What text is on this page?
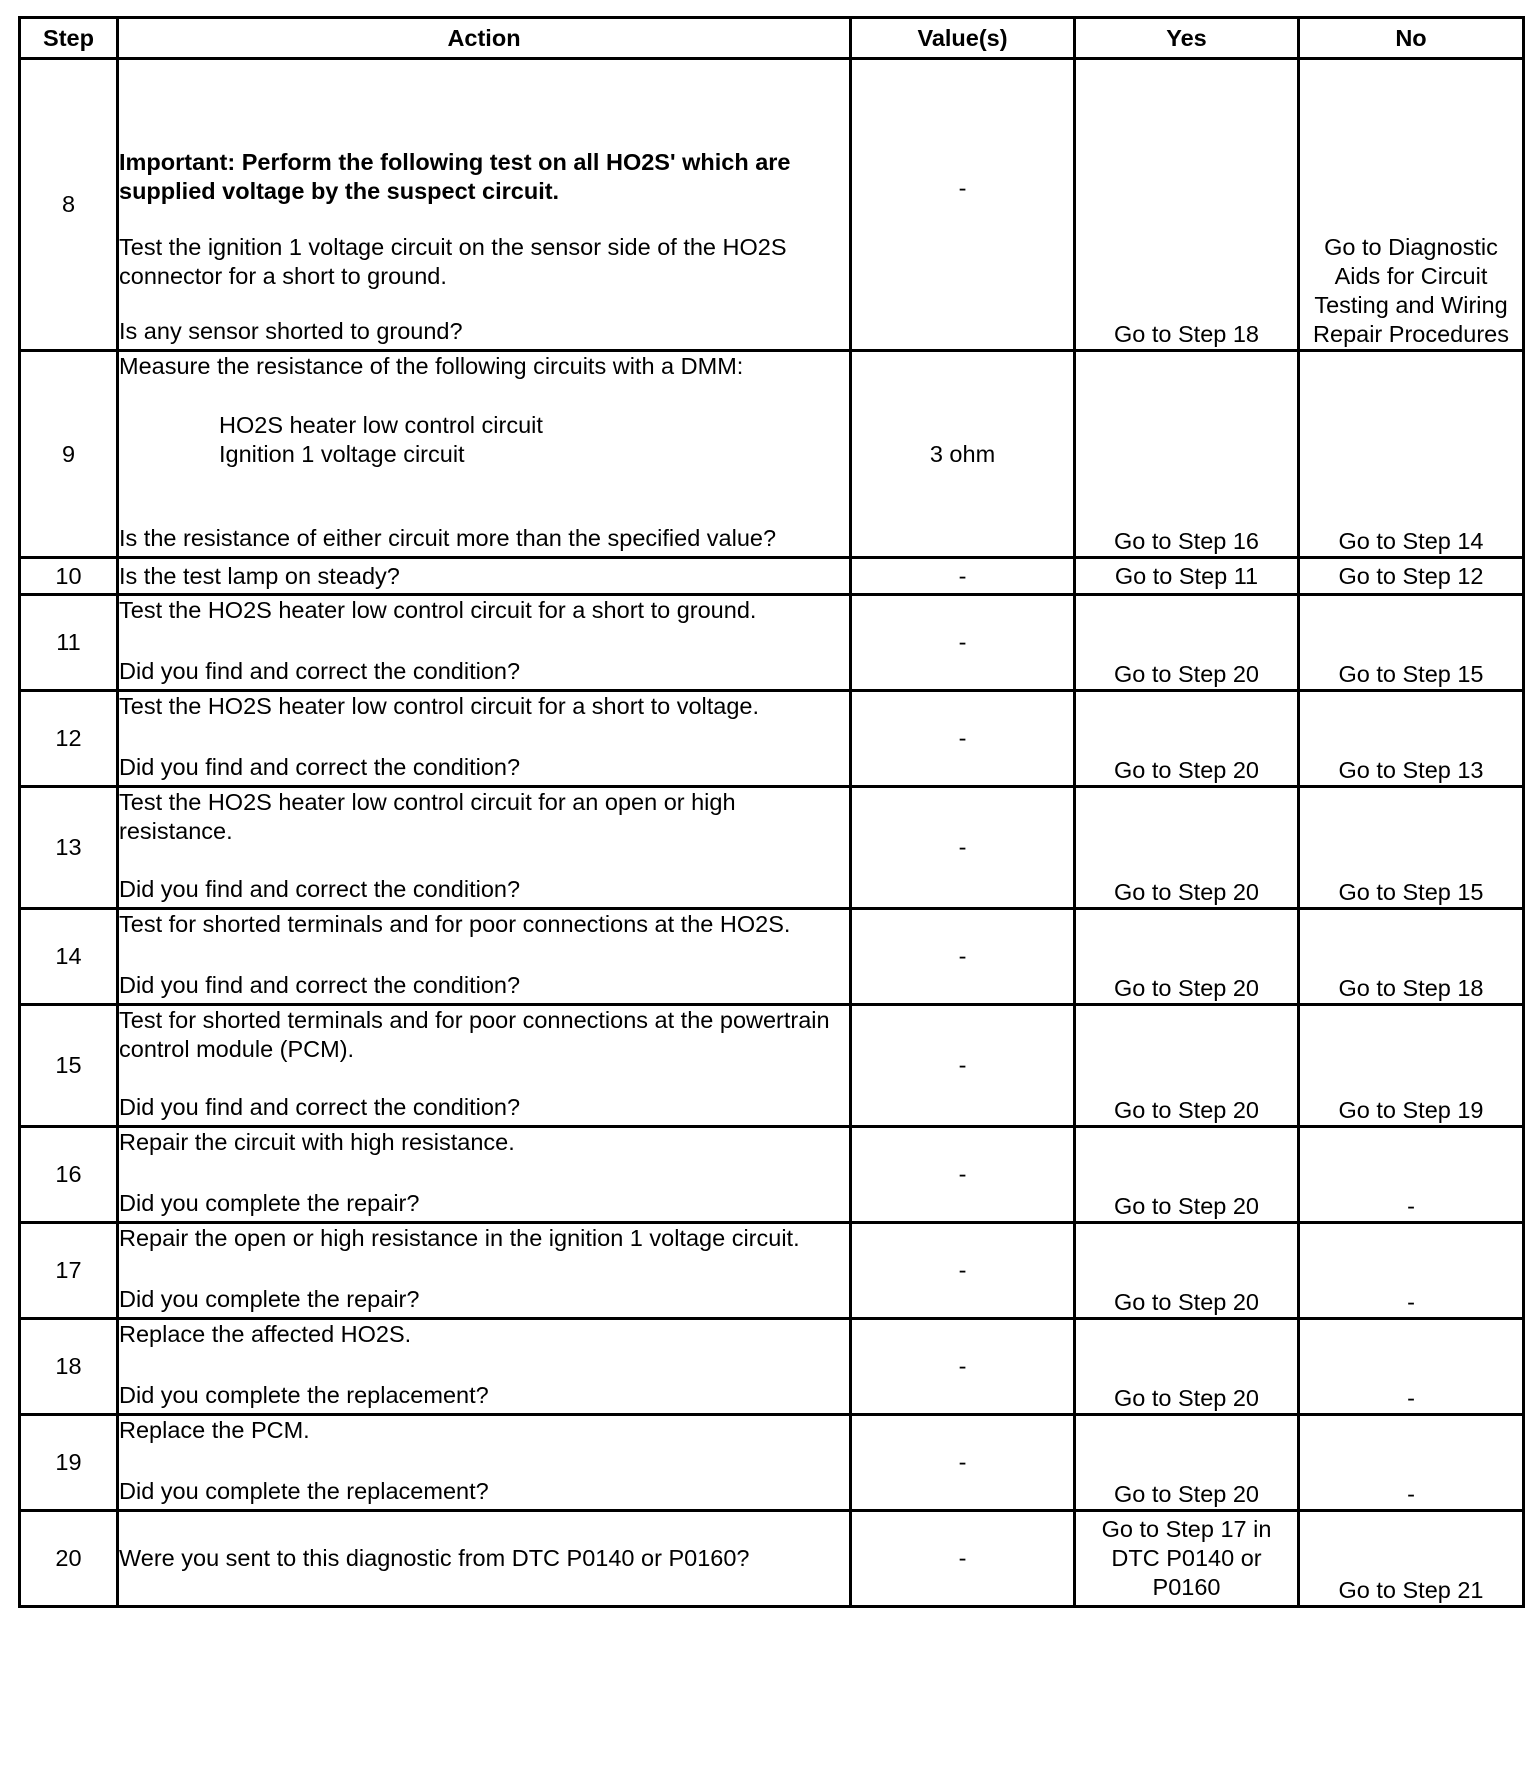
Step	Action	Value(s)	Yes	No
8	Important: Perform the following test on all HO2S' which are supplied voltage by the suspect circuit.
Test the ignition 1 voltage circuit on the sensor side of the HO2S connector for a short to ground.
Is any sensor shorted to ground?	-	Go to Step 18	Go to Diagnostic Aids for Circuit Testing and Wiring Repair Procedures
9	Measure the resistance of the following circuits with a DMM:
HO2S heater low control circuit
Ignition 1 voltage circuit
Is the resistance of either circuit more than the specified value?	3 ohm	Go to Step 16	Go to Step 14
10	Is the test lamp on steady?	-	Go to Step 11	Go to Step 12
11	Test the HO2S heater low control circuit for a short to ground.
Did you find and correct the condition?	-	Go to Step 20	Go to Step 15
12	Test the HO2S heater low control circuit for a short to voltage.
Did you find and correct the condition?	-	Go to Step 20	Go to Step 13
13	Test the HO2S heater low control circuit for an open or high resistance.
Did you find and correct the condition?	-	Go to Step 20	Go to Step 15
14	Test for shorted terminals and for poor connections at the HO2S.
Did you find and correct the condition?	-	Go to Step 20	Go to Step 18
15	Test for shorted terminals and for poor connections at the powertrain control module (PCM).
Did you find and correct the condition?	-	Go to Step 20	Go to Step 19
16	Repair the circuit with high resistance.
Did you complete the repair?	-	Go to Step 20	-
17	Repair the open or high resistance in the ignition 1 voltage circuit.
Did you complete the repair?	-	Go to Step 20	-
18	Replace the affected HO2S.
Did you complete the replacement?	-	Go to Step 20	-
19	Replace the PCM.
Did you complete the replacement?	-	Go to Step 20	-
20	Were you sent to this diagnostic from DTC P0140 or P0160?	-	Go to Step 17 in DTC P0140 or P0160	Go to Step 21
